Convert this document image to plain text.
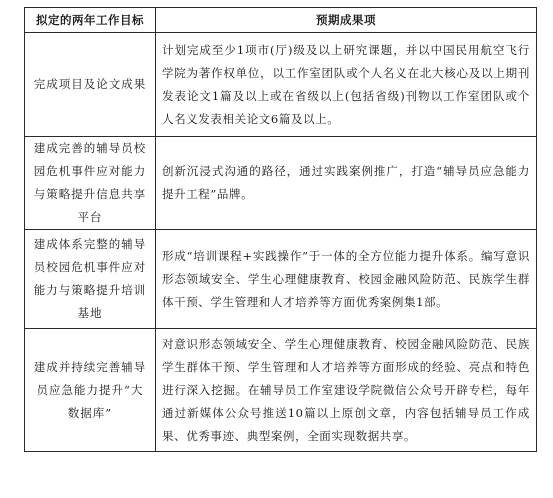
拟定的两年工作目标	预期成果项
完成项目及论文成果	计划完成至少1项市(厅)级及以上研究课题，并以中国民用航空飞行学院为著作权单位，以工作室团队或个人名义在北大核心及以上期刊发表论文1篇及以上或在省级以上(包括省级)刊物以工作室团队或个人名义发表相关论文6篇及以上。
建成完善的辅导员校园危机事件应对能力与策略提升信息共享平台	创新沉浸式沟通的路径，通过实践案例推广，打造“辅导员应急能力提升工程”品牌。
建成体系完整的辅导员校园危机事件应对能力与策略提升培训基地	形成“培训课程+实践操作”于一体的全方位能力提升体系。编写意识形态领域安全、学生心理健康教育、校园金融风险防范、民族学生群体干预、学生管理和人才培养等方面优秀案例集1部。
建成并持续完善辅导员应急能力提升“大数据库”	对意识形态领域安全、学生心理健康教育、校园金融风险防范、民族学生群体干预、学生管理和人才培养等方面形成的经验、亮点和特色进行深入挖掘。在辅导员工作室建设学院微信公众号开辟专栏，每年通过新媒体公众号推送10篇以上原创文章，内容包括辅导员工作成果、优秀事迹、典型案例，全面实现数据共享。
